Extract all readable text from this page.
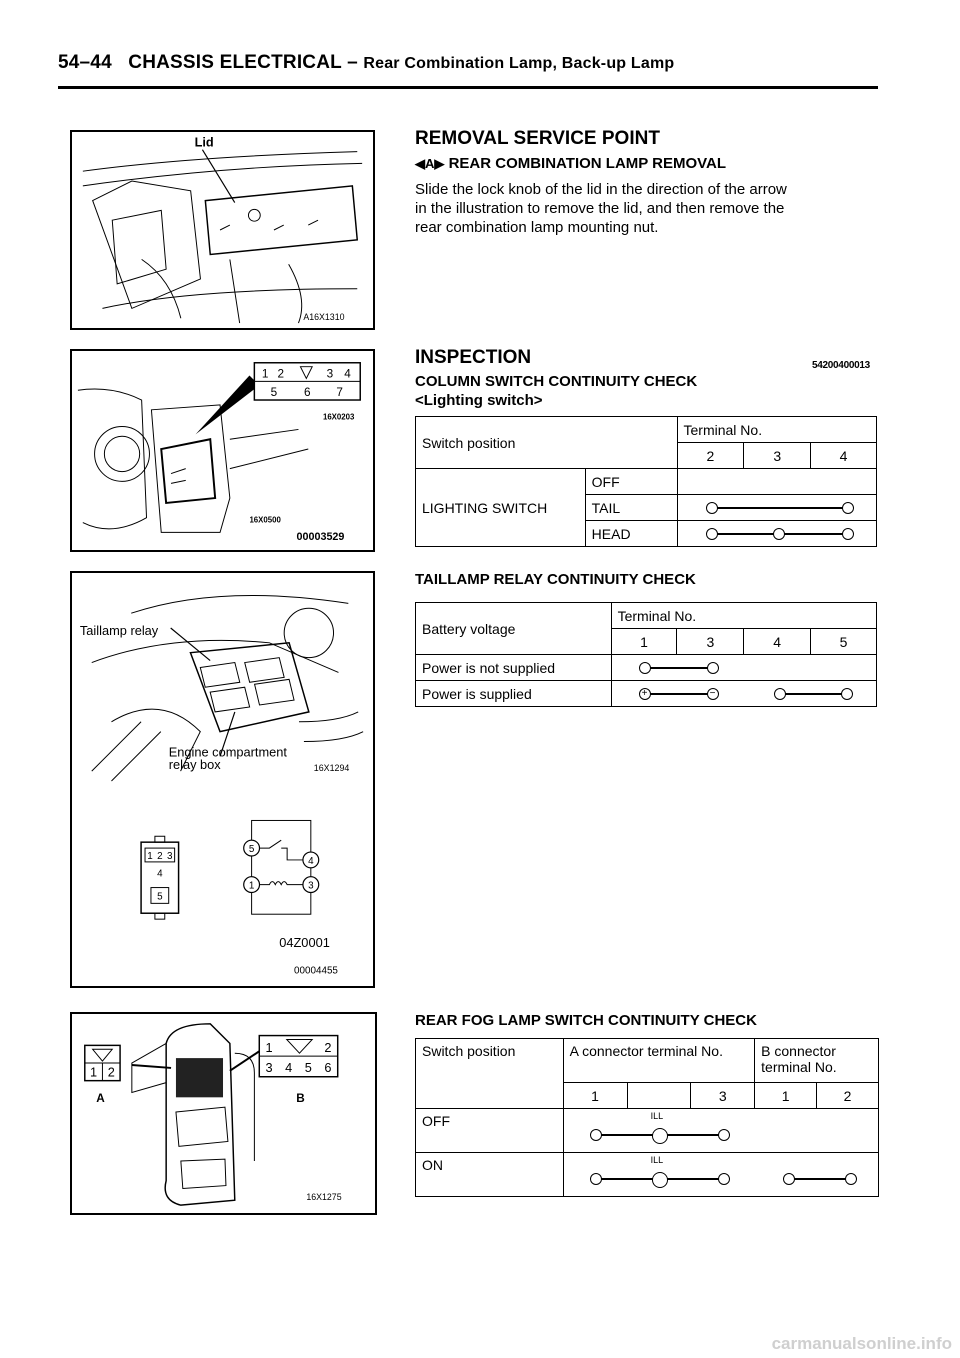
54–44 CHASSIS ELECTRICAL – Rear Combination Lamp, Back-up Lamp
Lid
A16X1310
1 2	3 4
5 6 7
16X0203
16X0500
00003529
Taillamp relay
Engine compartment
relay box	16X1294
1 2 3
4
5
5
4
1	3
04Z0001
00004455
1 2
A
1	2
3 4 5 6
B
16X1275
REMOVAL SERVICE POINT
◀A▶ REAR COMBINATION LAMP REMOVAL
Slide the lock knob of the lid in the direction of the arrow
in the illustration to remove the lid, and then remove the
rear combination lamp mounting nut.
INSPECTION	54200400013
COLUMN SWITCH CONTINUITY CHECK
<Lighting switch>
Switch position		Terminal No.		
		2	3	4
LIGHTING SWITCH	OFF			
	TAIL			

	HEAD			
TAILLAMP RELAY CONTINUITY CHECK
Battery voltage	Terminal No.			
	1	3	4	5
Power is not supplied				

Power is supplied	+ −			
REAR FOG LAMP SWITCH CONTINUITY CHECK
Switch position	A connector terminal No.			B connector
terminal No.	

	1		3	1	2
OFF	ILL				

ON	ILL				
carmanualsonline.info
